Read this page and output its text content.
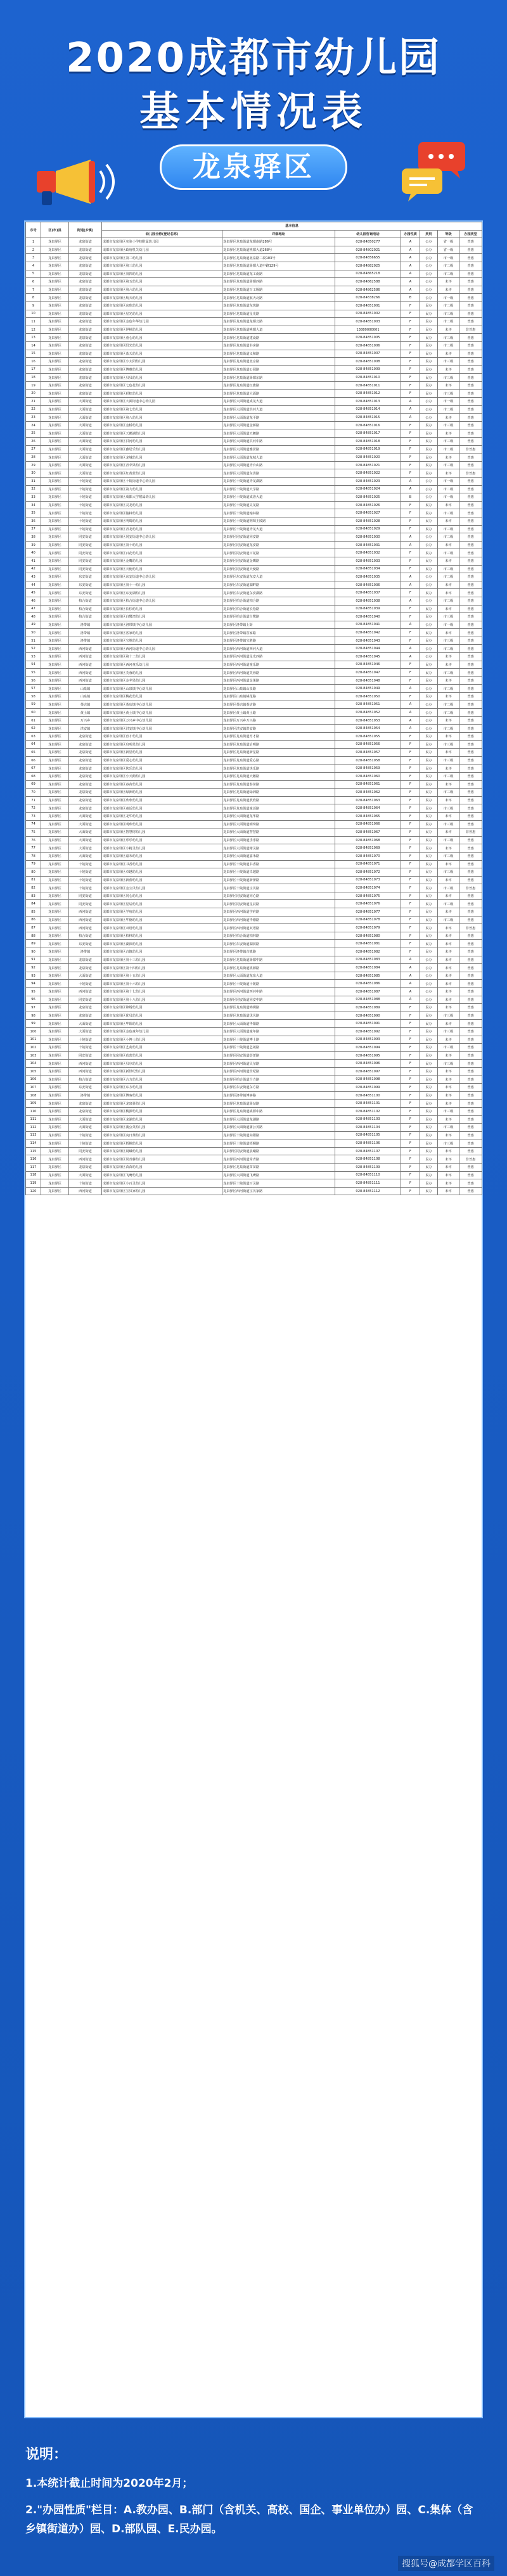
2020成都市幼儿园
基本情况表
龙泉驿区
序号	区(市)县	街道(乡镇)	基本信息						
			幼儿园全称(登记名称)	详细地址	幼儿园咨询电话	办园性质	类别	等级	办园类型
1	龙泉驿区	龙泉街道	成都市龙泉驿区实验小学校附属幼儿园	龙泉驿区龙泉街道龙都南路286号	028-84850277	A	公办	省一级	普惠
2	龙泉驿区	龙泉街道	成都市龙泉驿区政府机关幼儿园	龙泉驿区龙泉街道桃都大道268号	028-84802021	A	公办	省一级	普惠
3	龙泉驿区	龙泉街道	成都市龙泉驿区第二幼儿园	龙泉驿区龙泉街道北泉路二段103号	028-84856655	A	公办	市一级	普惠
4	龙泉驿区	龙泉街道	成都市龙泉驿区第三幼儿园	龙泉驿区龙泉街道驿都大道中路129号	028-84882025	A	公办	市二级	普惠
5	龙泉驿区	龙泉街道	成都市龙泉驿区第四幼儿园	龙泉驿区龙泉街道龙工南路	028-84865218	A	公办	市二级	普惠
6	龙泉驿区	龙泉街道	成都市龙泉驿区第五幼儿园	龙泉驿区龙泉街道驿都西路	028-84862588	A	公办	未评	普惠
7	龙泉驿区	龙泉街道	成都市龙泉驿区第六幼儿园	龙泉驿区龙泉街道百工堰路	028-84862586	A	公办	未评	普惠
8	龙泉驿区	龙泉街道	成都市龙泉驿区航天幼儿园	龙泉驿区龙泉街道航天北路	028-84838266	B	公办	市一级	普惠
9	龙泉驿区	龙泉街道	成都市龙泉驿区东珠幼儿园	龙泉驿区龙泉街道东珠路	028-84851001	F	民办	市二级	普惠
10	龙泉驿区	龙泉街道	成都市龙泉驿区星光幼儿园	龙泉驿区龙泉街道星光路	028-84851002	F	民办	市三级	普惠
11	龙泉驿区	龙泉街道	成都市龙泉驿区金色年华幼儿园	龙泉驿区龙泉街道龙都北路	028-84851003	F	民办	市二级	普惠
12	龙泉驿区	龙泉街道	成都市龙泉驿区伊顿幼儿园	龙泉驿区龙泉街道桃都大道	13880000001	F	民办	未评	非普惠
13	龙泉驿区	龙泉街道	成都市龙泉驿区童心幼儿园	龙泉驿区龙泉街道建设路	028-84851005	F	民办	市三级	普惠
14	龙泉驿区	龙泉街道	成都市龙泉驿区阳光幼儿园	龙泉驿区龙泉街道书房路	028-84851006	F	民办	市二级	普惠
15	龙泉驿区	龙泉街道	成都市龙泉驿区蓝天幼儿园	龙泉驿区龙泉街道义和路	028-84851007	F	民办	未评	普惠
16	龙泉驿区	龙泉街道	成都市龙泉驿区小太阳幼儿园	龙泉驿区龙泉街道北京路	028-84851008	F	民办	市三级	普惠
17	龙泉驿区	龙泉街道	成都市龙泉驿区博雅幼儿园	龙泉驿区龙泉街道公园路	028-84851009	F	民办	未评	普惠
18	龙泉驿区	龙泉街道	成都市龙泉驿区贝贝幼儿园	龙泉驿区龙泉街道驿都东路	028-84851010	F	民办	市三级	普惠
19	龙泉驿区	龙泉街道	成都市龙泉驿区七色花幼儿园	龙泉驿区龙泉街道红旗路	028-84851011	F	民办	未评	普惠
20	龙泉驿区	龙泉街道	成都市龙泉驿区彩虹幼儿园	龙泉驿区龙泉街道大面路	028-84851012	F	民办	市三级	普惠
21	龙泉驿区	大面街道	成都市龙泉驿区大面街道中心幼儿园	龙泉驿区大面街道成龙大道	028-84851013	A	公办	市一级	普惠
22	龙泉驿区	大面街道	成都市龙泉驿区第七幼儿园	龙泉驿区大面街道洪河大道	028-84851014	A	公办	市二级	普惠
23	龙泉驿区	大面街道	成都市龙泉驿区第八幼儿园	龙泉驿区大面街道龙平路	028-84851015	A	公办	未评	普惠
24	龙泉驿区	大面街道	成都市龙泉驿区金桥幼儿园	龙泉驿区大面街道金桥路	028-84851016	F	民办	市三级	普惠
25	龙泉驿区	大面街道	成都市龙泉驿区天鹅湖幼儿园	龙泉驿区大面街道天鹅路	028-84851017	F	民办	未评	普惠
26	龙泉驿区	大面街道	成都市龙泉驿区洪河幼儿园	龙泉驿区大面街道洪河中路	028-84851018	F	民办	市三级	普惠
27	龙泉驿区	大面街道	成都市龙泉驿区雅居乐幼儿园	龙泉驿区大面街道雅居路	028-84851019	F	民办	市二级	非普惠
28	龙泉驿区	大面街道	成都市龙泉驿区龙城幼儿园	龙泉驿区大面街道龙城大道	028-84851020	F	民办	未评	普惠
29	龙泉驿区	大面街道	成都市龙泉驿区青苹果幼儿园	龙泉驿区大面街道青台山路	028-84851021	F	民办	市三级	普惠
30	龙泉驿区	大面街道	成都市龙泉驿区红黄蓝幼儿园	龙泉驿区大面街道东洪路	028-84851022	F	民办	未评	非普惠
31	龙泉驿区	十陵街道	成都市龙泉驿区十陵街道中心幼儿园	龙泉驿区十陵街道青龙湖路	028-84851023	A	公办	市一级	普惠
32	龙泉驿区	十陵街道	成都市龙泉驿区第九幼儿园	龙泉驿区十陵街道大学路	028-84851024	A	公办	市二级	普惠
33	龙泉驿区	十陵街道	成都市龙泉驿区成都大学附属幼儿园	龙泉驿区十陵街道成洛大道	028-84851025	B	公办	市一级	普惠
34	龙泉驿区	十陵街道	成都市龙泉驿区灵龙幼儿园	龙泉驿区十陵街道灵龙路	028-84851026	F	民办	未评	普惠
35	龙泉驿区	十陵街道	成都市龙泉驿区翰林幼儿园	龙泉驿区十陵街道翰林路	028-84851027	F	民办	市三级	普惠
36	龙泉驿区	十陵街道	成都市龙泉驿区明蜀幼儿园	龙泉驿区十陵街道明蜀王陵路	028-84851028	F	民办	未评	普惠
37	龙泉驿区	十陵街道	成都市龙泉驿区青龙幼儿园	龙泉驿区十陵街道青龙大道	028-84851029	F	民办	市三级	普惠
38	龙泉驿区	同安街道	成都市龙泉驿区同安街道中心幼儿园	龙泉驿区同安街道同安路	028-84851030	A	公办	市二级	普惠
39	龙泉驿区	同安街道	成都市龙泉驿区第十幼儿园	龙泉驿区同安街道龙安路	028-84851031	A	公办	未评	普惠
40	龙泉驿区	同安街道	成都市龙泉驿区百花幼儿园	龙泉驿区同安街道百花路	028-84851032	F	民办	市三级	普惠
41	龙泉驿区	同安街道	成都市龙泉驿区金鹰幼儿园	龙泉驿区同安街道金鹰路	028-84851033	F	民办	未评	普惠
42	龙泉驿区	同安街道	成都市龙泉驿区天使幼儿园	龙泉驿区同安街道天使路	028-84851034	F	民办	市三级	普惠
43	龙泉驿区	东安街道	成都市龙泉驿区东安街道中心幼儿园	龙泉驿区东安街道东安大道	028-84851035	A	公办	市二级	普惠
44	龙泉驿区	东安街道	成都市龙泉驿区第十一幼儿园	龙泉驿区东安街道湖畔路	028-84851036	A	公办	未评	普惠
45	龙泉驿区	东安街道	成都市龙泉驿区东安湖幼儿园	龙泉驿区东安街道东安湖路	028-84851037	F	民办	未评	普惠
46	龙泉驿区	柏合街道	成都市龙泉驿区柏合街道中心幼儿园	龙泉驿区柏合街道柏合路	028-84851038	A	公办	市二级	普惠
47	龙泉驿区	柏合街道	成都市龙泉驿区长松幼儿园	龙泉驿区柏合街道长松路	028-84851039	F	民办	未评	普惠
48	龙泉驿区	柏合街道	成都市龙泉驿区白鹭湾幼儿园	龙泉驿区柏合街道白鹭路	028-84851040	F	民办	市三级	普惠
49	龙泉驿区	洛带镇	成都市龙泉驿区洛带镇中心幼儿园	龙泉驿区洛带镇上街	028-84851041	A	公办	市一级	普惠
50	龙泉驿区	洛带镇	成都市龙泉驿区客家幼儿园	龙泉驿区洛带镇客家路	028-84851042	F	民办	未评	普惠
51	龙泉驿区	洛带镇	成都市龙泉驿区宝胜幼儿园	龙泉驿区洛带镇宝胜路	028-84851043	F	民办	市三级	普惠
52	龙泉驿区	西河街道	成都市龙泉驿区西河街道中心幼儿园	龙泉驿区西河街道西河大道	028-84851044	A	公办	市二级	普惠
53	龙泉驿区	西河街道	成都市龙泉驿区第十二幼儿园	龙泉驿区西河街道星光西路	028-84851045	A	公办	未评	普惠
54	龙泉驿区	西河街道	成都市龙泉驿区西河童乐幼儿园	龙泉驿区西河街道童乐路	028-84851046	F	民办	未评	普惠
55	龙泉驿区	西河街道	成都市龙泉驿区芙蓉幼儿园	龙泉驿区西河街道芙蓉路	028-84851047	F	民办	市三级	普惠
56	龙泉驿区	西河街道	成都市龙泉驿区金苹果幼儿园	龙泉驿区西河街道金果路	028-84851048	F	民办	未评	普惠
57	龙泉驿区	山泉镇	成都市龙泉驿区山泉镇中心幼儿园	龙泉驿区山泉镇山泉路	028-84851049	A	公办	市二级	普惠
58	龙泉驿区	山泉镇	成都市龙泉驿区桃花幼儿园	龙泉驿区山泉镇桃花路	028-84851050	F	民办	未评	普惠
59	龙泉驿区	茶店镇	成都市龙泉驿区茶店镇中心幼儿园	龙泉驿区茶店镇茶店路	028-84851051	A	公办	市二级	普惠
60	龙泉驿区	黄土镇	成都市龙泉驿区黄土镇中心幼儿园	龙泉驿区黄土镇黄土路	028-84851052	A	公办	市二级	普惠
61	龙泉驿区	万兴乡	成都市龙泉驿区万兴乡中心幼儿园	龙泉驿区万兴乡万兴路	028-84851053	A	公办	未评	普惠
62	龙泉驿区	洪安镇	成都市龙泉驿区洪安镇中心幼儿园	龙泉驿区洪安镇洪安路	028-84851054	A	公办	市二级	普惠
63	龙泉驿区	龙泉街道	成都市龙泉驿区育才幼儿园	龙泉驿区龙泉街道育才路	028-84851055	F	民办	未评	普惠
64	龙泉驿区	龙泉街道	成都市龙泉驿区启明星幼儿园	龙泉驿区龙泉街道启明路	028-84851056	F	民办	市三级	普惠
65	龙泉驿区	龙泉街道	成都市龙泉驿区新星幼儿园	龙泉驿区龙泉街道新星路	028-84851057	F	民办	未评	普惠
66	龙泉驿区	龙泉街道	成都市龙泉驿区爱心幼儿园	龙泉驿区龙泉街道爱心路	028-84851058	F	民办	市三级	普惠
67	龙泉驿区	龙泉街道	成都市龙泉驿区快乐幼儿园	龙泉驿区龙泉街道快乐路	028-84851059	F	民办	未评	普惠
68	龙泉驿区	龙泉街道	成都市龙泉驿区小天鹅幼儿园	龙泉驿区龙泉街道天鹅路	028-84851060	F	民办	市三级	普惠
69	龙泉驿区	龙泉街道	成都市龙泉驿区春苗幼儿园	龙泉驿区龙泉街道春苗路	028-84851061	F	民办	未评	普惠
70	龙泉驿区	龙泉街道	成都市龙泉驿区绿洲幼儿园	龙泉驿区龙泉街道绿洲路	028-84851062	F	民办	市三级	普惠
71	龙泉驿区	龙泉街道	成都市龙泉驿区欣欣幼儿园	龙泉驿区龙泉街道欣欣路	028-84851063	F	民办	未评	普惠
72	龙泉驿区	龙泉街道	成都市龙泉驿区童话幼儿园	龙泉驿区龙泉街道童话路	028-84851064	F	民办	市三级	普惠
73	龙泉驿区	大面街道	成都市龙泉驿区龙华幼儿园	龙泉驿区大面街道龙华路	028-84851065	F	民办	未评	普惠
74	龙泉驿区	大面街道	成都市龙泉驿区明珠幼儿园	龙泉驿区大面街道明珠路	028-84851066	F	民办	市三级	普惠
75	龙泉驿区	大面街道	成都市龙泉驿区智慧树幼儿园	龙泉驿区大面街道智慧路	028-84851067	F	民办	未评	非普惠
76	龙泉驿区	大面街道	成都市龙泉驿区乐乐幼儿园	龙泉驿区大面街道乐乐路	028-84851068	F	民办	市三级	普惠
77	龙泉驿区	大面街道	成都市龙泉驿区小精灵幼儿园	龙泉驿区大面街道精灵路	028-84851069	F	民办	未评	普惠
78	龙泉驿区	大面街道	成都市龙泉驿区嘉禾幼儿园	龙泉驿区大面街道嘉禾路	028-84851070	F	民办	市三级	普惠
79	龙泉驿区	十陵街道	成都市龙泉驿区书香幼儿园	龙泉驿区十陵街道书香路	028-84851071	F	民办	未评	普惠
80	龙泉驿区	十陵街道	成都市龙泉驿区卓越幼儿园	龙泉驿区十陵街道卓越路	028-84851072	F	民办	市三级	普惠
81	龙泉驿区	十陵街道	成都市龙泉驿区新蕾幼儿园	龙泉驿区十陵街道新蕾路	028-84851073	F	民办	未评	普惠
82	龙泉驿区	十陵街道	成都市龙泉驿区金宝贝幼儿园	龙泉驿区十陵街道宝贝路	028-84851074	F	民办	市三级	非普惠
83	龙泉驿区	同安街道	成都市龙泉驿区同心幼儿园	龙泉驿区同安街道同心路	028-84851075	F	民办	未评	普惠
84	龙泉驿区	同安街道	成都市龙泉驿区星辰幼儿园	龙泉驿区同安街道星辰路	028-84851076	F	民办	市三级	普惠
85	龙泉驿区	西河街道	成都市龙泉驿区学府幼儿园	龙泉驿区西河街道学府路	028-84851077	F	民办	未评	普惠
86	龙泉驿区	西河街道	成都市龙泉驿区华德幼儿园	龙泉驿区西河街道华德路	028-84851078	F	民办	市三级	普惠
87	龙泉驿区	西河街道	成都市龙泉驿区双语幼儿园	龙泉驿区西河街道双语路	028-84851079	F	民办	未评	非普惠
88	龙泉驿区	柏合街道	成都市龙泉驿区柏林幼儿园	龙泉驿区柏合街道柏林路	028-84851080	F	民办	未评	普惠
89	龙泉驿区	东安街道	成都市龙泉驿区湖滨幼儿园	龙泉驿区东安街道湖滨路	028-84851081	F	民办	未评	普惠
90	龙泉驿区	洛带镇	成都市龙泉驿区古镇幼儿园	龙泉驿区洛带镇古镇路	028-84851082	F	民办	未评	普惠
91	龙泉驿区	龙泉街道	成都市龙泉驿区第十三幼儿园	龙泉驿区龙泉街道驿都中路	028-84851083	A	公办	未评	普惠
92	龙泉驿区	龙泉街道	成都市龙泉驿区第十四幼儿园	龙泉驿区龙泉街道桃源路	028-84851084	A	公办	未评	普惠
93	龙泉驿区	大面街道	成都市龙泉驿区第十五幼儿园	龙泉驿区大面街道龙泉大道	028-84851085	A	公办	未评	普惠
94	龙泉驿区	十陵街道	成都市龙泉驿区第十六幼儿园	龙泉驿区十陵街道十陵路	028-84851086	A	公办	未评	普惠
95	龙泉驿区	西河街道	成都市龙泉驿区第十七幼儿园	龙泉驿区西河街道西河中路	028-84851087	A	公办	未评	普惠
96	龙泉驿区	同安街道	成都市龙泉驿区第十八幼儿园	龙泉驿区同安街道同安中路	028-84851088	A	公办	未评	普惠
97	龙泉驿区	龙泉街道	成都市龙泉驿区锦绣幼儿园	龙泉驿区龙泉街道锦绣路	028-84851089	F	民办	未评	普惠
98	龙泉驿区	龙泉街道	成都市龙泉驿区优贝幼儿园	龙泉驿区龙泉街道优贝路	028-84851090	F	民办	市三级	普惠
99	龙泉驿区	大面街道	成都市龙泉驿区华阳幼儿园	龙泉驿区大面街道华阳路	028-84851091	F	民办	未评	普惠
100	龙泉驿区	大面街道	成都市龙泉驿区金色童年幼儿园	龙泉驿区大面街道童年路	028-84851092	F	民办	市三级	普惠
101	龙泉驿区	十陵街道	成都市龙泉驿区小博士幼儿园	龙泉驿区十陵街道博士路	028-84851093	F	民办	未评	普惠
102	龙泉驿区	十陵街道	成都市龙泉驿区艺苑幼儿园	龙泉驿区十陵街道艺苑路	028-84851094	F	民办	市三级	普惠
103	龙泉驿区	同安街道	成都市龙泉驿区蓓蕾幼儿园	龙泉驿区同安街道蓓蕾路	028-84851095	F	民办	未评	普惠
104	龙泉驿区	西河街道	成都市龙泉驿区贝尔幼儿园	龙泉驿区西河街道贝尔路	028-84851096	F	民办	市三级	普惠
105	龙泉驿区	西河街道	成都市龙泉驿区新世纪幼儿园	龙泉驿区西河街道世纪路	028-84851097	F	民办	未评	普惠
106	龙泉驿区	柏合街道	成都市龙泉驿区合力幼儿园	龙泉驿区柏合街道合力路	028-84851098	F	民办	未评	普惠
107	龙泉驿区	东安街道	成都市龙泉驿区东方幼儿园	龙泉驿区东安街道东方路	028-84851099	F	民办	未评	普惠
108	龙泉驿区	洛带镇	成都市龙泉驿区博客幼儿园	龙泉驿区洛带镇博客路	028-84851100	F	民办	未评	普惠
109	龙泉驿区	龙泉街道	成都市龙泉驿区龙泉驿幼儿园	龙泉驿区龙泉街道驿站路	028-84851101	F	民办	未评	普惠
110	龙泉驿区	龙泉街道	成都市龙泉驿区桃源幼儿园	龙泉驿区龙泉街道桃源中路	028-84851102	F	民办	市三级	普惠
111	龙泉驿区	大面街道	成都市龙泉驿区龙湖幼儿园	龙泉驿区大面街道龙湖路	028-84851103	F	民办	未评	普惠
112	龙泉驿区	大面街道	成都市龙泉驿区蒲公英幼儿园	龙泉驿区大面街道蒲公英路	028-84851104	F	民办	市三级	普惠
113	龙泉驿区	十陵街道	成都市龙泉驿区向日葵幼儿园	龙泉驿区十陵街道向阳路	028-84851105	F	民办	未评	普惠
114	龙泉驿区	十陵街道	成都市龙泉驿区梧桐幼儿园	龙泉驿区十陵街道梧桐路	028-84851106	F	民办	市三级	普惠
115	龙泉驿区	同安街道	成都市龙泉驿区晨曦幼儿园	龙泉驿区同安街道晨曦路	028-84851107	F	民办	未评	普惠
116	龙泉驿区	西河街道	成都市龙泉驿区常青藤幼儿园	龙泉驿区西河街道常青路	028-84851108	F	民办	未评	非普惠
117	龙泉驿区	龙泉街道	成都市龙泉驿区苗苗幼儿园	龙泉驿区龙泉街道苗苗路	028-84851109	F	民办	未评	普惠
118	龙泉驿区	大面街道	成都市龙泉驿区飞鹰幼儿园	龙泉驿区大面街道飞鹰路	028-84851110	F	民办	未评	普惠
119	龙泉驿区	十陵街道	成都市龙泉驿区小百灵幼儿园	龙泉驿区十陵街道百灵路	028-84851111	F	民办	未评	普惠
120	龙泉驿区	西河街道	成都市龙泉驿区宝贝家幼儿园	龙泉驿区西河街道宝贝家路	028-84851112	F	民办	未评	普惠
说明：
1.本统计截止时间为2020年2月；
2."办园性质"栏目：A.教办园、B.部门（含机关、高校、国企、事业单位办）园、C.集体（含乡镇街道办）园、D.部队园、E.民办园。
搜狐号@成都学区百科
